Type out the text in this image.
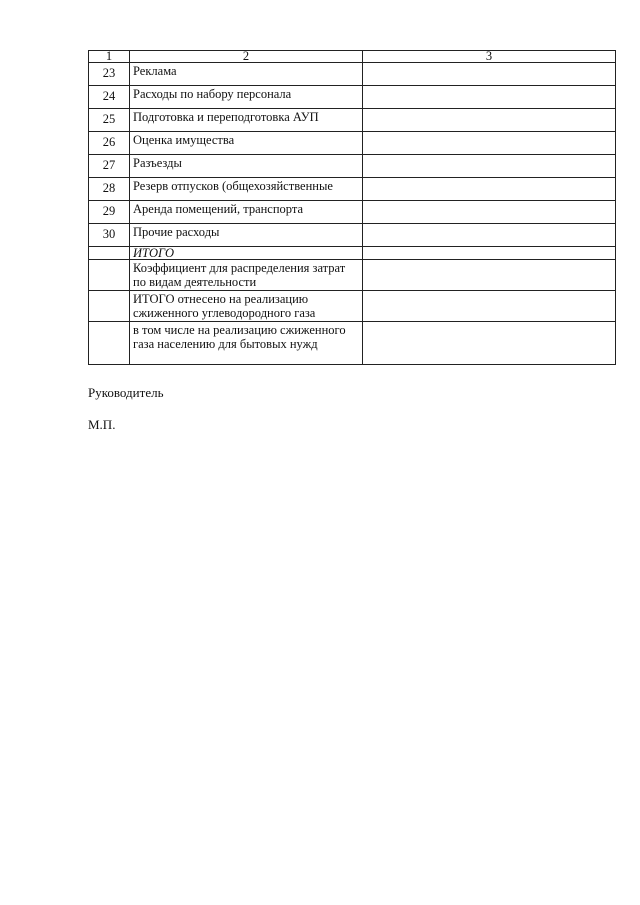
1	2	3
23	Реклама	
24	Расходы по набору персонала	
25	Подготовка и переподготовка АУП	
26	Оценка имущества	
27	Разъезды	
28	Резерв отпусков (общехозяйственные	
29	Аренда помещений, транспорта	
30	Прочие расходы	
	ИТОГО	
	Коэффициент для распределения затрат по видам деятельности	
	ИТОГО отнесено на реализацию сжиженного углеводородного газа	
	в том числе на реализацию сжиженного газа населению для бытовых нужд	
Руководитель
М.П.
